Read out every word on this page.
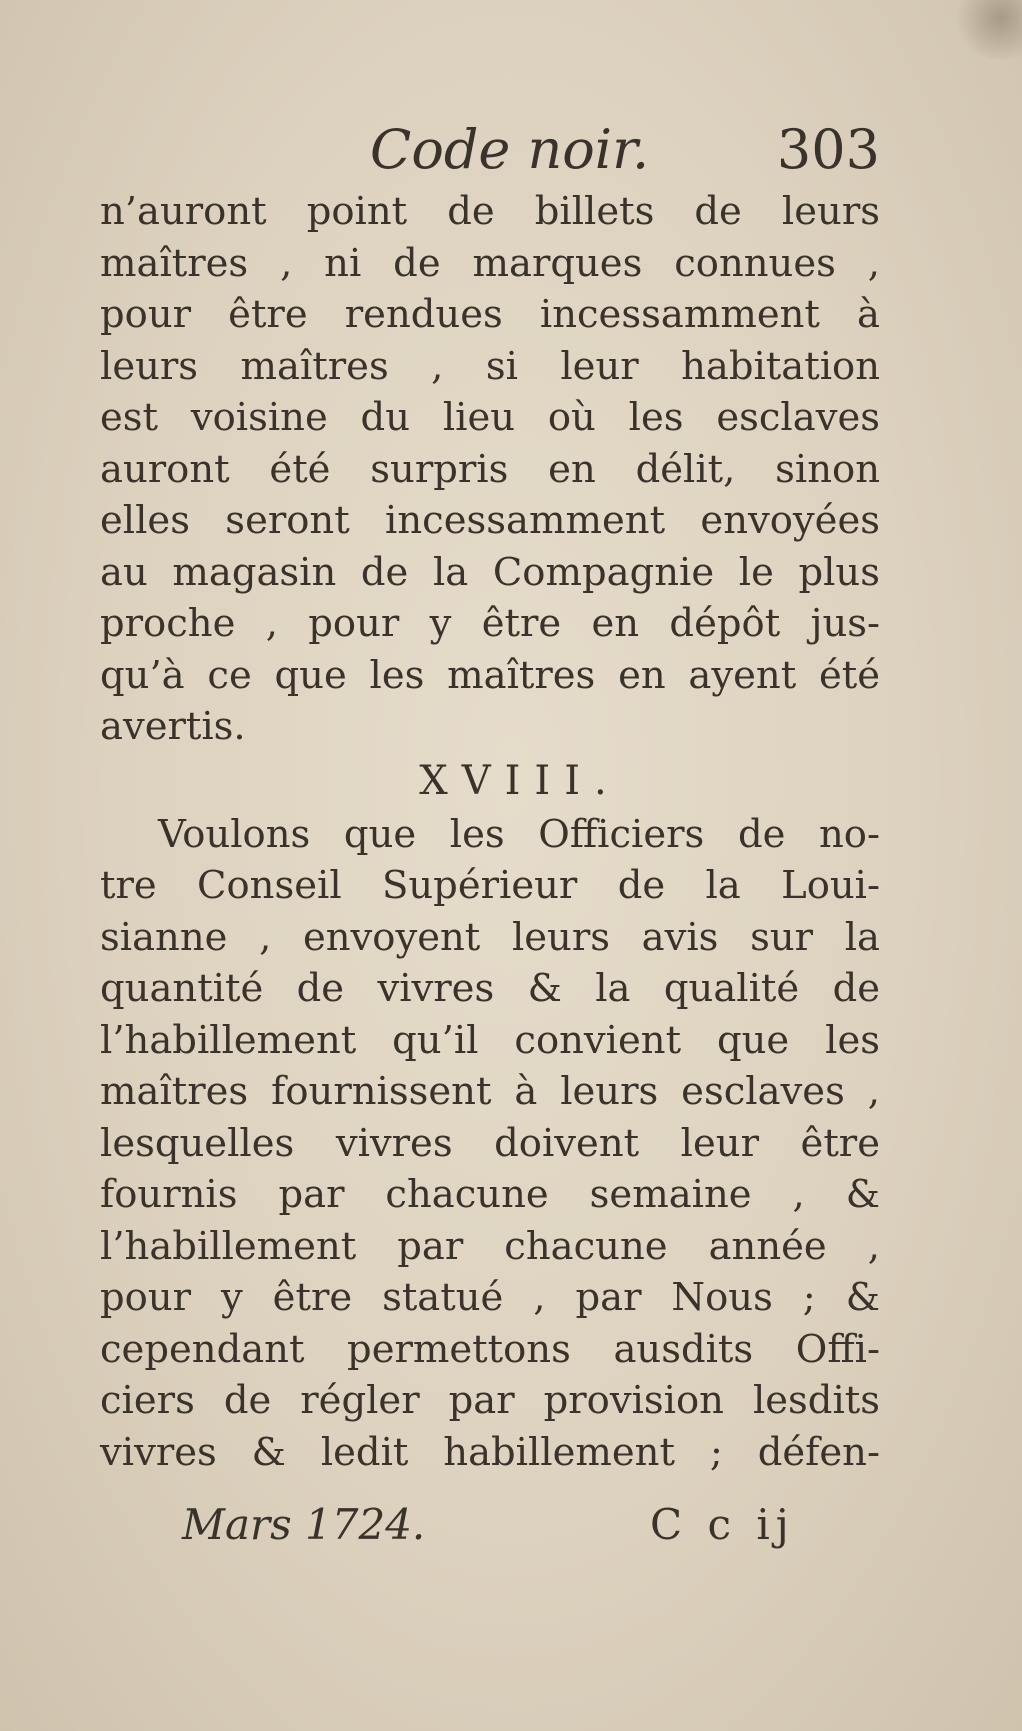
Code noir. 303
n’auront point de billets de leurs
maîtres , ni de marques connues ,
pour être rendues incessamment à
leurs maîtres , si leur habitation
est voisine du lieu où les esclaves
auront été surpris en délit, sinon
elles seront incessamment envoyées
au magasin de la Compagnie le plus
proche , pour y être en dépôt jus-
qu’à ce que les maîtres en ayent été
avertis.
XVIII.
Voulons que les Officiers de no-
tre Conseil Supérieur de la Loui-
sianne , envoyent leurs avis sur la
quantité de vivres & la qualité de
l’habillement qu’il convient que les
maîtres fournissent à leurs esclaves ,
lesquelles vivres doivent leur être
fournis par chacune semaine , &
l’habillement par chacune année ,
pour y être statué , par Nous ; &
cependant permettons ausdits Offi-
ciers de régler par provision lesdits
vivres & ledit habillement ; défen-
Mars 1724.	C c ij
